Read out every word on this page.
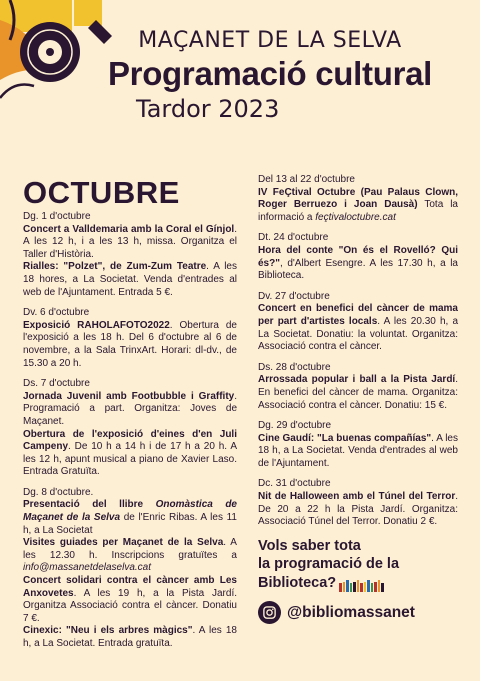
MAÇANET DE LA SELVA
Programació cultural
Tardor 2023
OCTUBRE
Dg. 1 d'octubre
Concert a Valldemaria amb la Coral el Gínjol. A les 12 h, i a les 13 h, missa. Organitza el Taller d'Història.
Rialles: "Polzet", de Zum-Zum Teatre. A les 18 hores, a La Societat. Venda d'entrades al web de l'Ajuntament. Entrada 5 €.
Dv. 6 d'octubre
Exposició RAHOLAFOTO2022. Obertura de l'exposició a les 18 h. Del 6 d'octubre al 6 de novembre, a la Sala TrinxArt. Horari: dl-dv., de 15.30 a 20 h.
Ds. 7 d'octubre
Jornada Juvenil amb Footbubble i Graffity. Programació a part. Organitza: Joves de Maçanet.
Obertura de l'exposició d'eines d'en Juli Campeny. De 10 h a 14 h i de 17 h a 20 h. A les 12 h, apunt musical a piano de Xavier Laso. Entrada Gratuïta.
Dg. 8 d'octubre.
Presentació del llibre Onomàstica de Maçanet de la Selva de l'Enric Ribas. A les 11 h, a La Societat
Visites guiades per Maçanet de la Selva. A les 12.30 h. Inscripcions gratuïtes a info@massanetdelaselva.cat
Concert solidari contra el càncer amb Les Anxovetes. A les 19 h, a la Pista Jardí. Organitza Associació contra el càncer. Donatiu 7 €.
Cinexic: "Neu i els arbres màgics". A les 18 h, a La Societat. Entrada gratuïta.
Del 13 al 22 d'octubre
IV FeÇtival Octubre (Pau Palaus Clown, Roger Berruezo i Joan Dausà) Tota la informació a feçtivaloctubre.cat
Dt. 24 d'octubre
Hora del conte "On és el Rovelló? Qui és?", d'Albert Esengre. A les 17.30 h, a la Biblioteca.
Dv. 27 d'octubre
Concert en benefici del càncer de mama per part d'artistes locals. A les 20.30 h, a La Societat. Donatiu: la voluntat. Organitza: Associació contra el càncer.
Ds. 28 d'octubre
Arrossada popular i ball a la Pista Jardí. En benefici del càncer de mama. Organitza: Associació contra el càncer. Donatiu: 15 €.
Dg. 29 d'octubre
Cine Gaudí: "La buenas compañías". A les 18 h, a La Societat. Venda d'entrades al web de l'Ajuntament.
Dc. 31 d'octubre
Nit de Halloween amb el Túnel del Terror. De 20 a 22 h la Pista Jardí. Organitza: Associació Túnel del Terror. Donatiu 2 €.
Vols saber tota
la programació de la
Biblioteca?
@bibliomassanet
